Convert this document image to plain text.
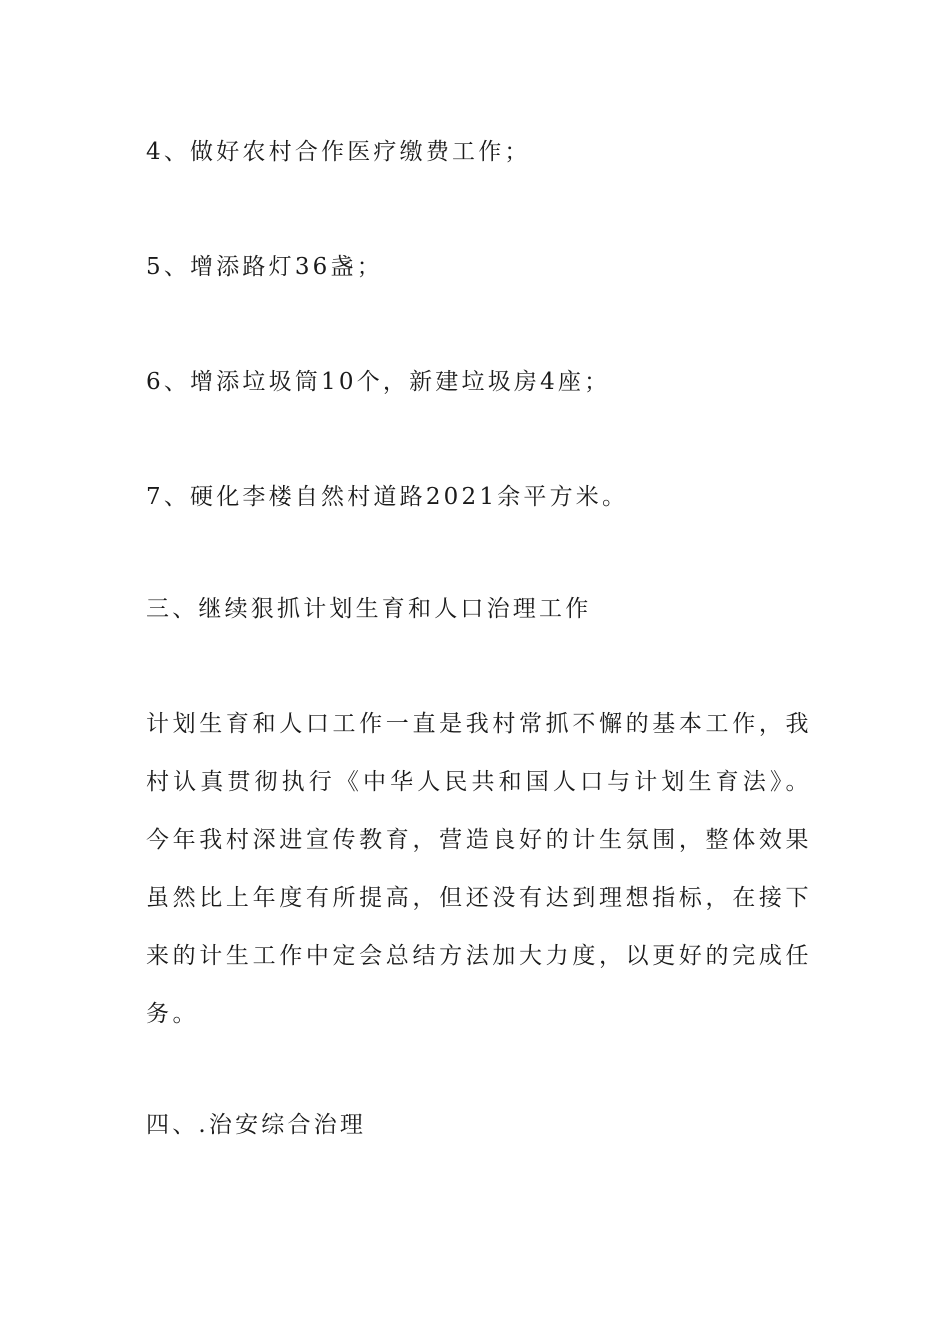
4、做好农村合作医疗缴费工作；
5、增添路灯36盏；
6、增添垃圾筒10个，新建垃圾房4座；
7、硬化李楼自然村道路2021余平方米。
三、继续狠抓计划生育和人口治理工作

计划生育和人口工作一直是我村常抓不懈的基本工作，我村认真贯彻执行《中华人民共和国人口与计划生育法》。今年我村深进宣传教育，营造良好的计生氛围，整体效果虽然比上年度有所提高，但还没有达到理想指标，在接下来的计生工作中定会总结方法加大力度，以更好的完成任务。

四、.治安综合治理
